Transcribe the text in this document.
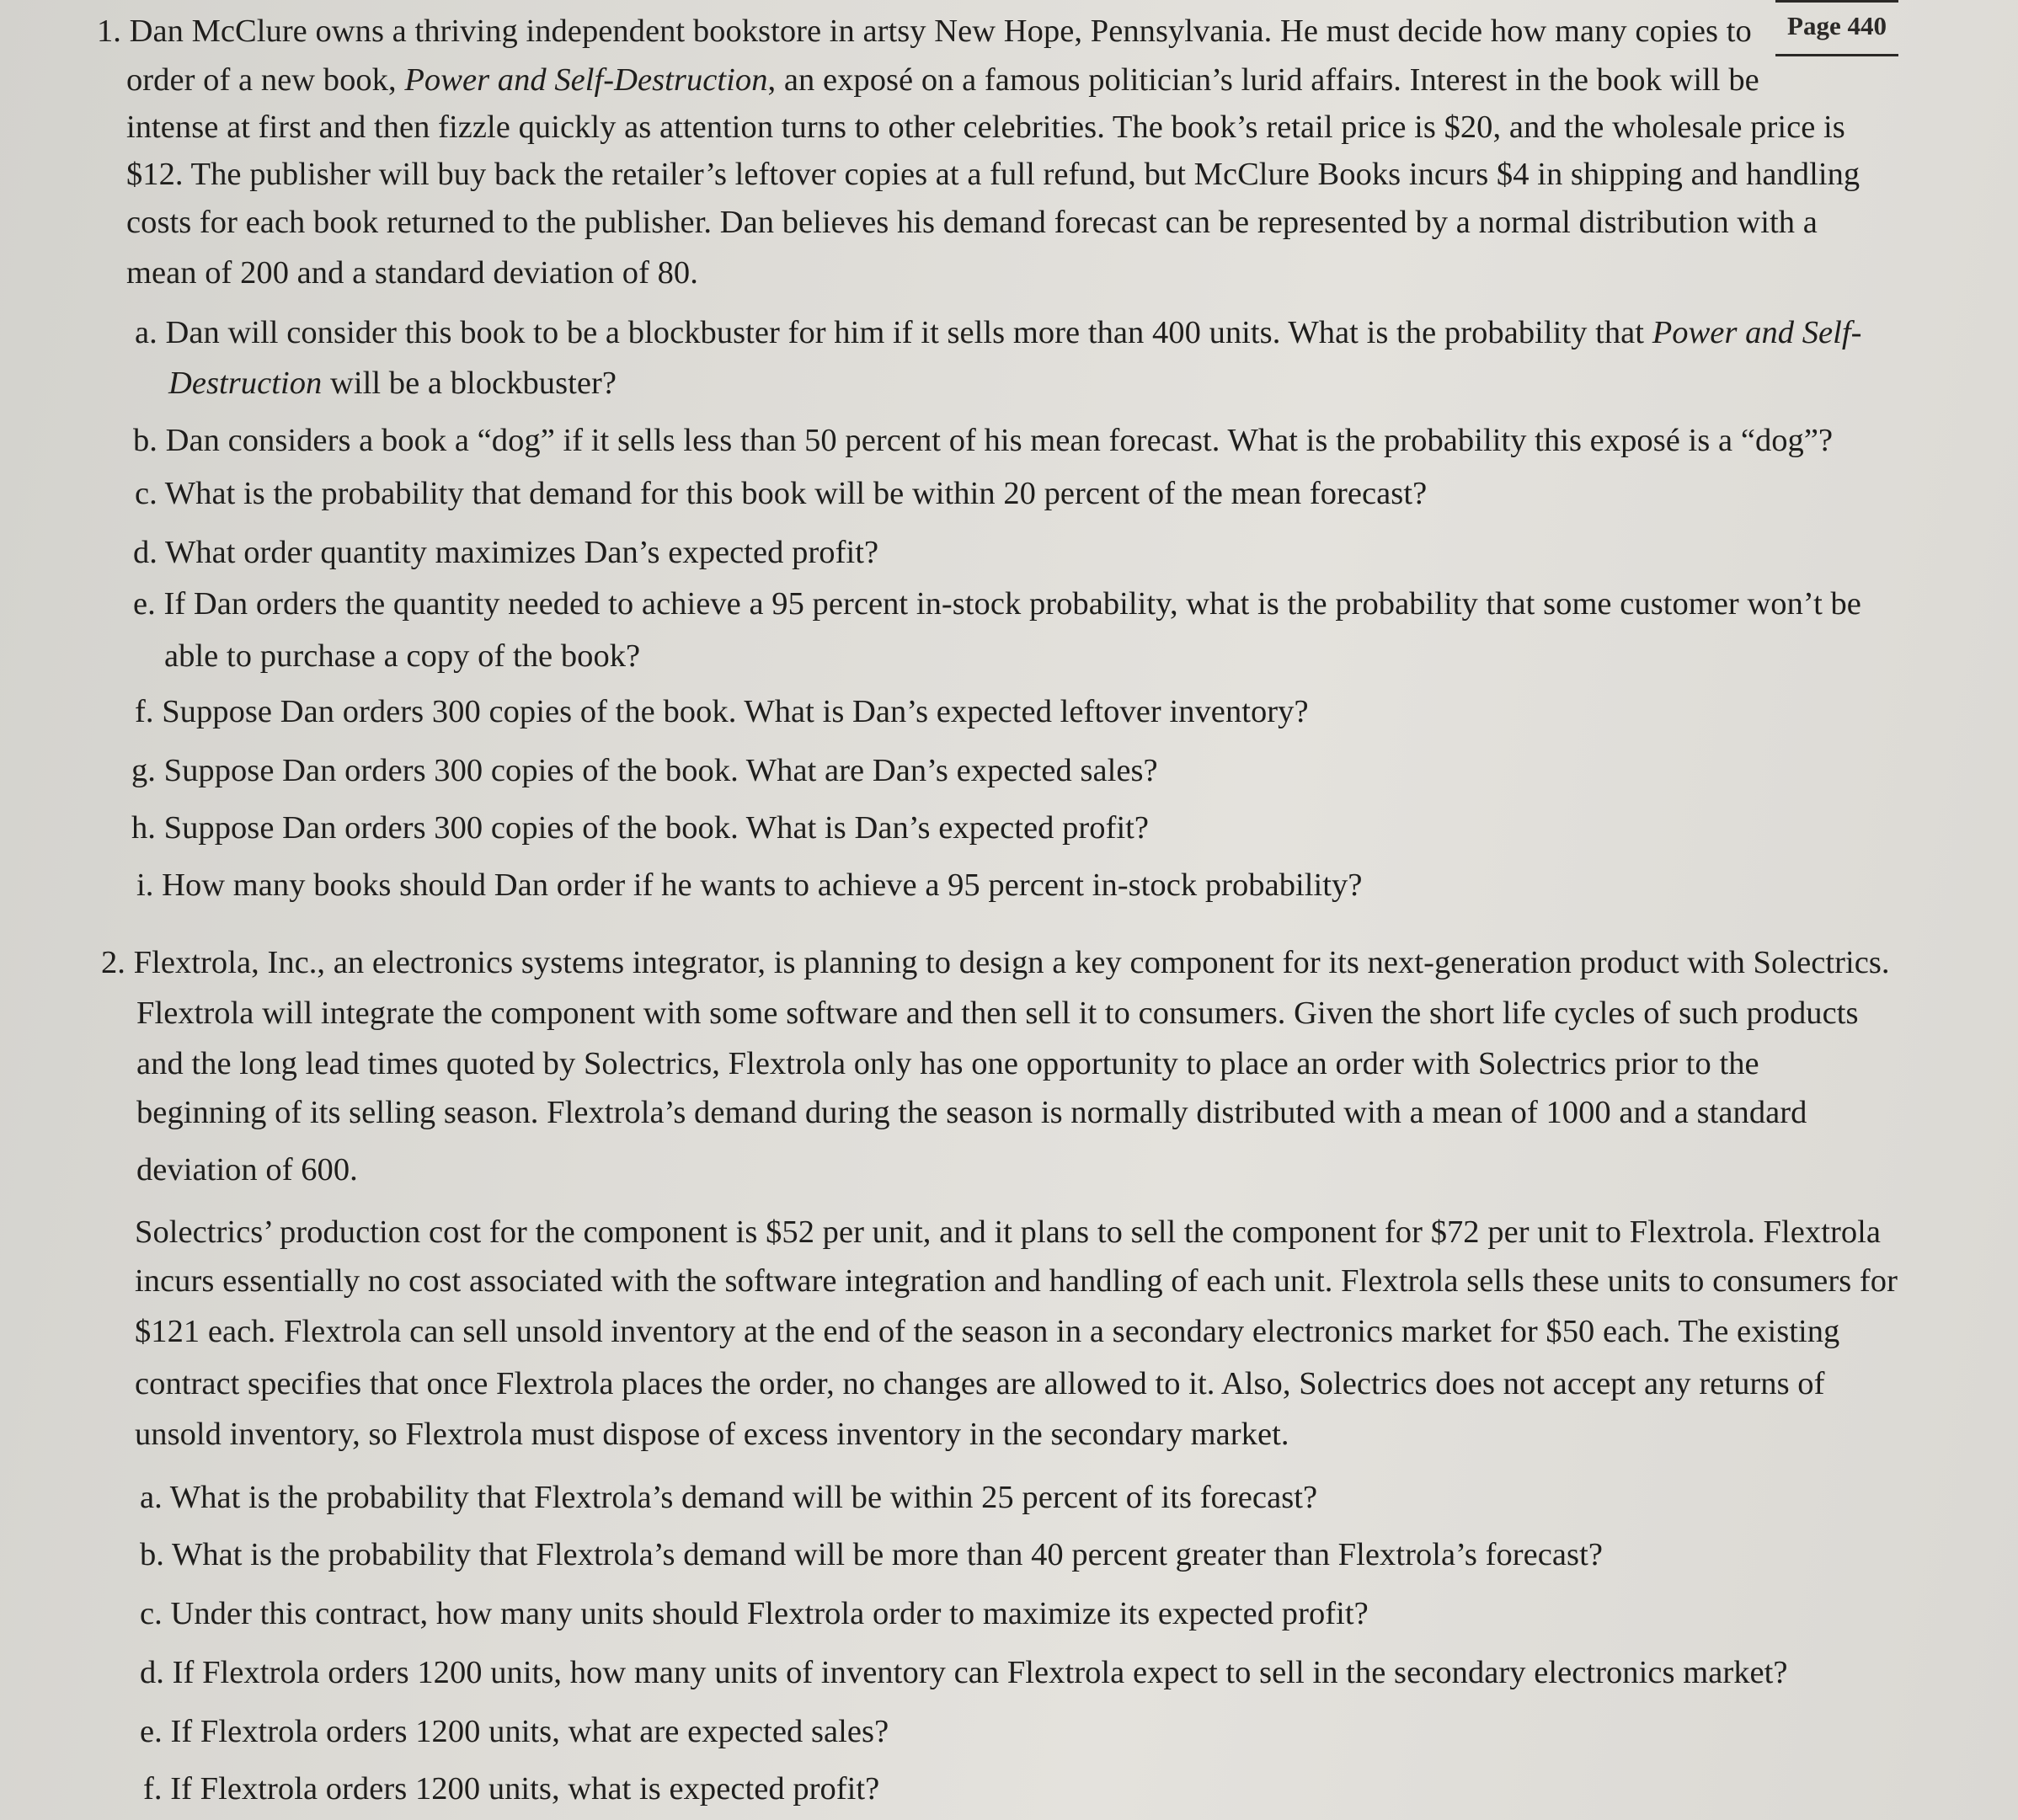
Page 440
1. Dan McClure owns a thriving independent bookstore in artsy New Hope, Pennsylvania. He must decide how many copies to
order of a new book, Power and Self-Destruction, an exposé on a famous politician’s lurid affairs. Interest in the book will be
intense at first and then fizzle quickly as attention turns to other celebrities. The book’s retail price is $20, and the wholesale price is
$12. The publisher will buy back the retailer’s leftover copies at a full refund, but McClure Books incurs $4 in shipping and handling
costs for each book returned to the publisher. Dan believes his demand forecast can be represented by a normal distribution with a
mean of 200 and a standard deviation of 80.
a. Dan will consider this book to be a blockbuster for him if it sells more than 400 units. What is the probability that Power and Self-
Destruction will be a blockbuster?
b. Dan considers a book a “dog” if it sells less than 50 percent of his mean forecast. What is the probability this exposé is a “dog”?
c. What is the probability that demand for this book will be within 20 percent of the mean forecast?
d. What order quantity maximizes Dan’s expected profit?
e. If Dan orders the quantity needed to achieve a 95 percent in-stock probability, what is the probability that some customer won’t be
able to purchase a copy of the book?
f. Suppose Dan orders 300 copies of the book. What is Dan’s expected leftover inventory?
g. Suppose Dan orders 300 copies of the book. What are Dan’s expected sales?
h. Suppose Dan orders 300 copies of the book. What is Dan’s expected profit?
i. How many books should Dan order if he wants to achieve a 95 percent in-stock probability?
2. Flextrola, Inc., an electronics systems integrator, is planning to design a key component for its next-generation product with Solectrics.
Flextrola will integrate the component with some software and then sell it to consumers. Given the short life cycles of such products
and the long lead times quoted by Solectrics, Flextrola only has one opportunity to place an order with Solectrics prior to the
beginning of its selling season. Flextrola’s demand during the season is normally distributed with a mean of 1000 and a standard
deviation of 600.
Solectrics’ production cost for the component is $52 per unit, and it plans to sell the component for $72 per unit to Flextrola. Flextrola
incurs essentially no cost associated with the software integration and handling of each unit. Flextrola sells these units to consumers for
$121 each. Flextrola can sell unsold inventory at the end of the season in a secondary electronics market for $50 each. The existing
contract specifies that once Flextrola places the order, no changes are allowed to it. Also, Solectrics does not accept any returns of
unsold inventory, so Flextrola must dispose of excess inventory in the secondary market.
a. What is the probability that Flextrola’s demand will be within 25 percent of its forecast?
b. What is the probability that Flextrola’s demand will be more than 40 percent greater than Flextrola’s forecast?
c. Under this contract, how many units should Flextrola order to maximize its expected profit?
d. If Flextrola orders 1200 units, how many units of inventory can Flextrola expect to sell in the secondary electronics market?
e. If Flextrola orders 1200 units, what are expected sales?
f. If Flextrola orders 1200 units, what is expected profit?
